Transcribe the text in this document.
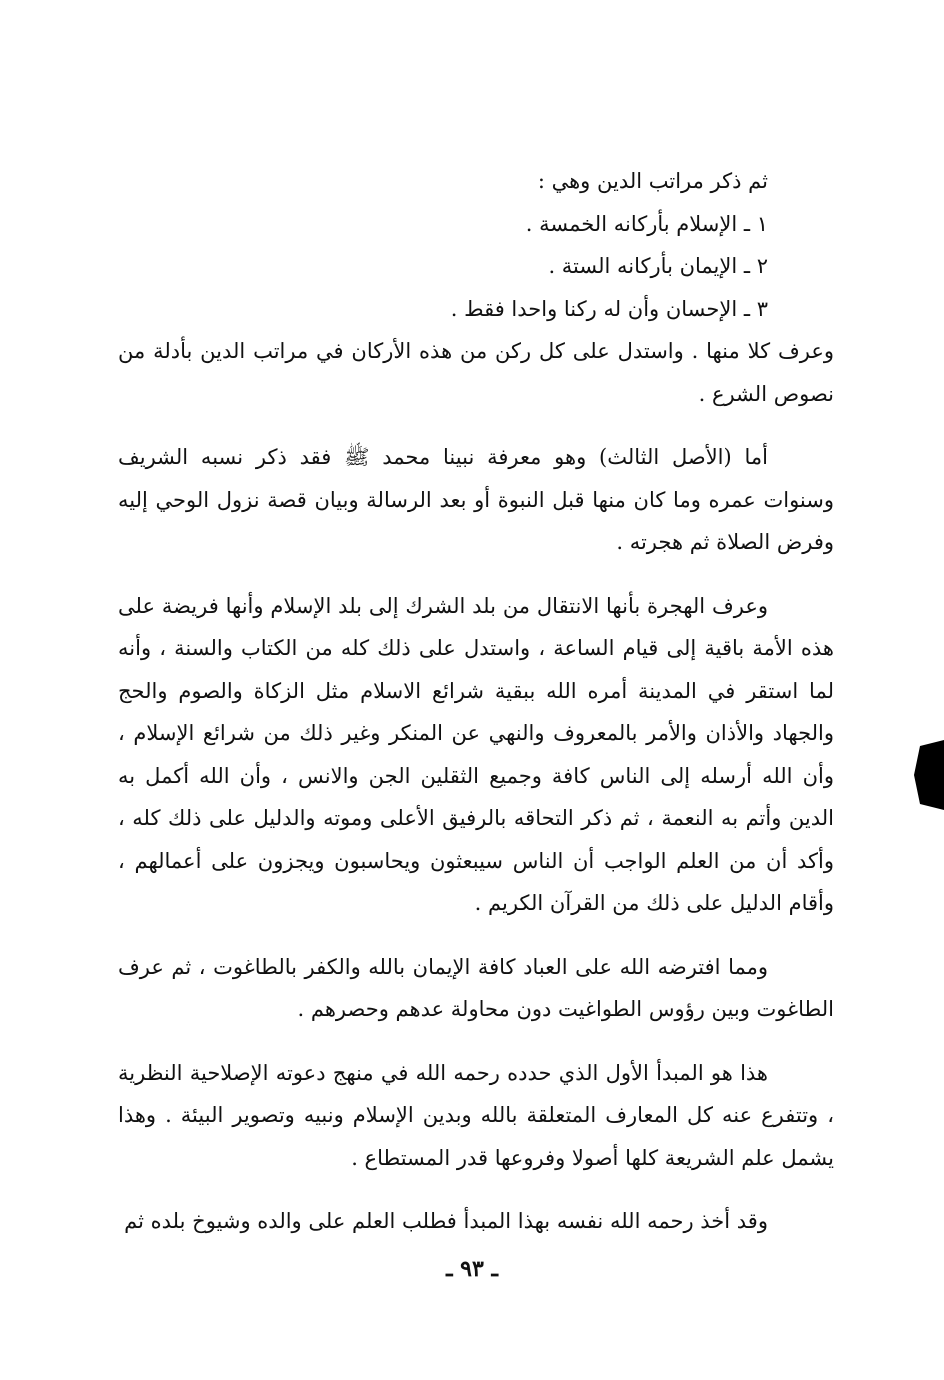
ثم ذكر مراتب الدين وهي :

١ ـ الإسلام بأركانه الخمسة .

٢ ـ الإيمان بأركانه الستة .

٣ ـ الإحسان وأن له ركنا واحدا فقط .

وعرف كلا منها . واستدل على كل ركن من هذه الأركان في مراتب الدين بأدلة من نصوص الشرع .

أما (الأصل الثالث) وهو معرفة نبينا محمد ﷺ فقد ذكر نسبه الشريف وسنوات عمره وما كان منها قبل النبوة أو بعد الرسالة وبيان قصة نزول الوحي إليه وفرض الصلاة ثم هجرته .

وعرف الهجرة بأنها الانتقال من بلد الشرك إلى بلد الإسلام وأنها فريضة على هذه الأمة باقية إلى قيام الساعة ، واستدل على ذلك كله من الكتاب والسنة ، وأنه لما استقر في المدينة أمره الله ببقية شرائع الاسلام مثل الزكاة والصوم والحج والجهاد والأذان والأمر بالمعروف والنهي عن المنكر وغير ذلك من شرائع الإسلام ، وأن الله أرسله إلى الناس كافة وجميع الثقلين الجن والانس ، وأن الله أكمل به الدين وأتم به النعمة ، ثم ذكر التحاقه بالرفيق الأعلى وموته والدليل على ذلك كله ، وأكد أن من العلم الواجب أن الناس سيبعثون ويحاسبون ويجزون على أعمالهم ، وأقام الدليل على ذلك من القرآن الكريم .

ومما افترضه الله على العباد كافة الإيمان بالله والكفر بالطاغوت ، ثم عرف الطاغوت وبين رؤوس الطواغيت دون محاولة عدهم وحصرهم .

هذا هو المبدأ الأول الذي حدده رحمه الله في منهج دعوته الإصلاحية النظرية ، وتتفرع عنه كل المعارف المتعلقة بالله وبدين الإسلام ونبيه وتصوير البيئة . وهذا يشمل علم الشريعة كلها أصولا وفروعها قدر المستطاع .

وقد أخذ رحمه الله نفسه بهذا المبدأ فطلب العلم على والده وشيوخ بلده ثم

ـ ٩٣ ـ
